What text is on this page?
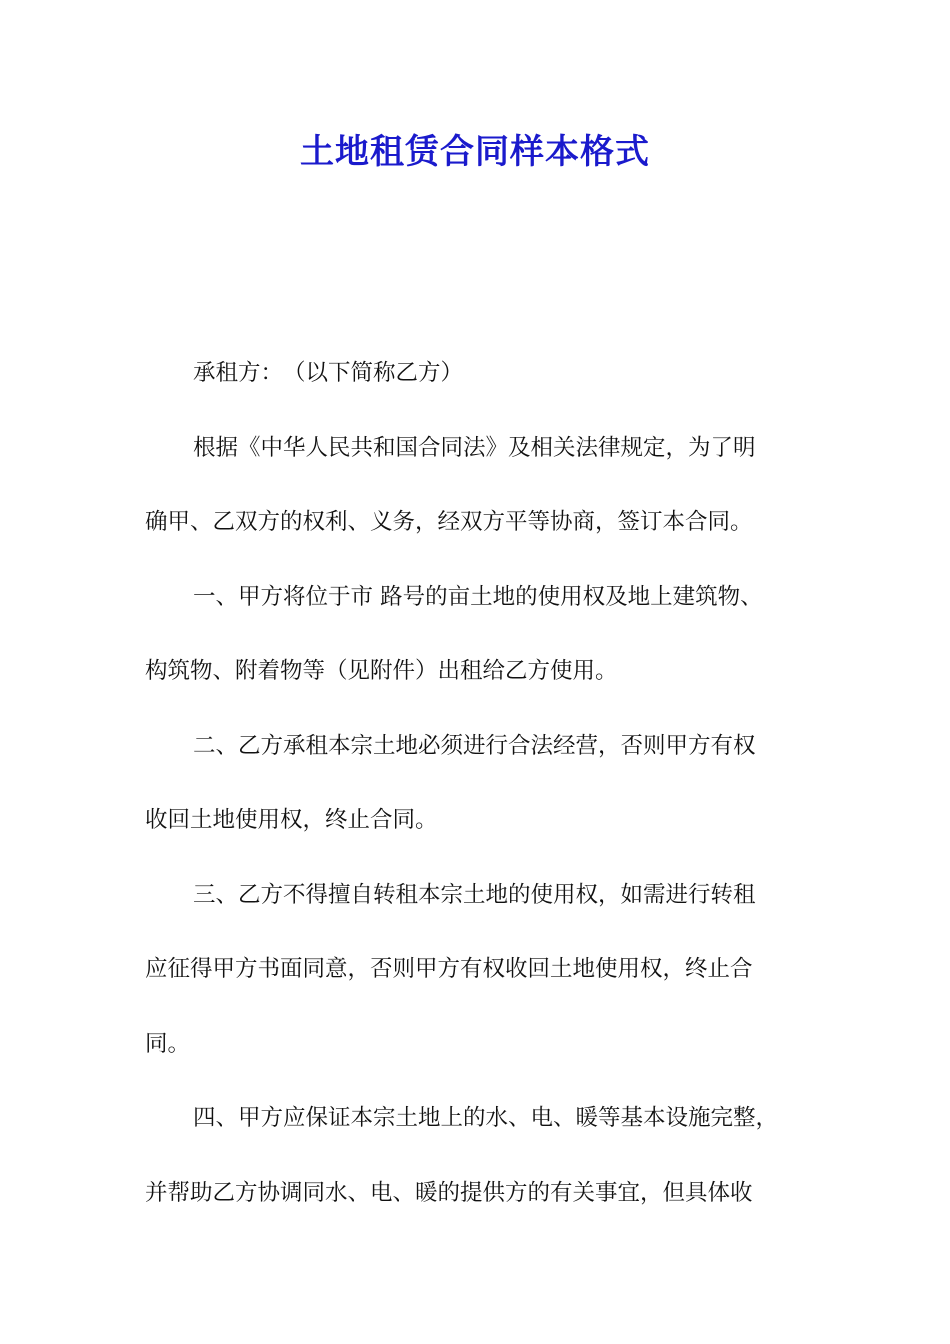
土地租赁合同样本格式
承租方：　（以下简称乙方）
根据《中华人民共和国合同法》及相关法律规定，为了明
确甲、乙双方的权利、义务，经双方平等协商，签订本合同。
一、甲方将位于市 路号的亩土地的使用权及地上建筑物、
构筑物、附着物等（见附件）出租给乙方使用。
二、乙方承租本宗土地必须进行合法经营，否则甲方有权
收回土地使用权，终止合同。
三、乙方不得擅自转租本宗土地的使用权，如需进行转租
应征得甲方书面同意，否则甲方有权收回土地使用权，终止合
同。
四、甲方应保证本宗土地上的水、电、暖等基本设施完整，
并帮助乙方协调同水、电、暖的提供方的有关事宜，但具体收
